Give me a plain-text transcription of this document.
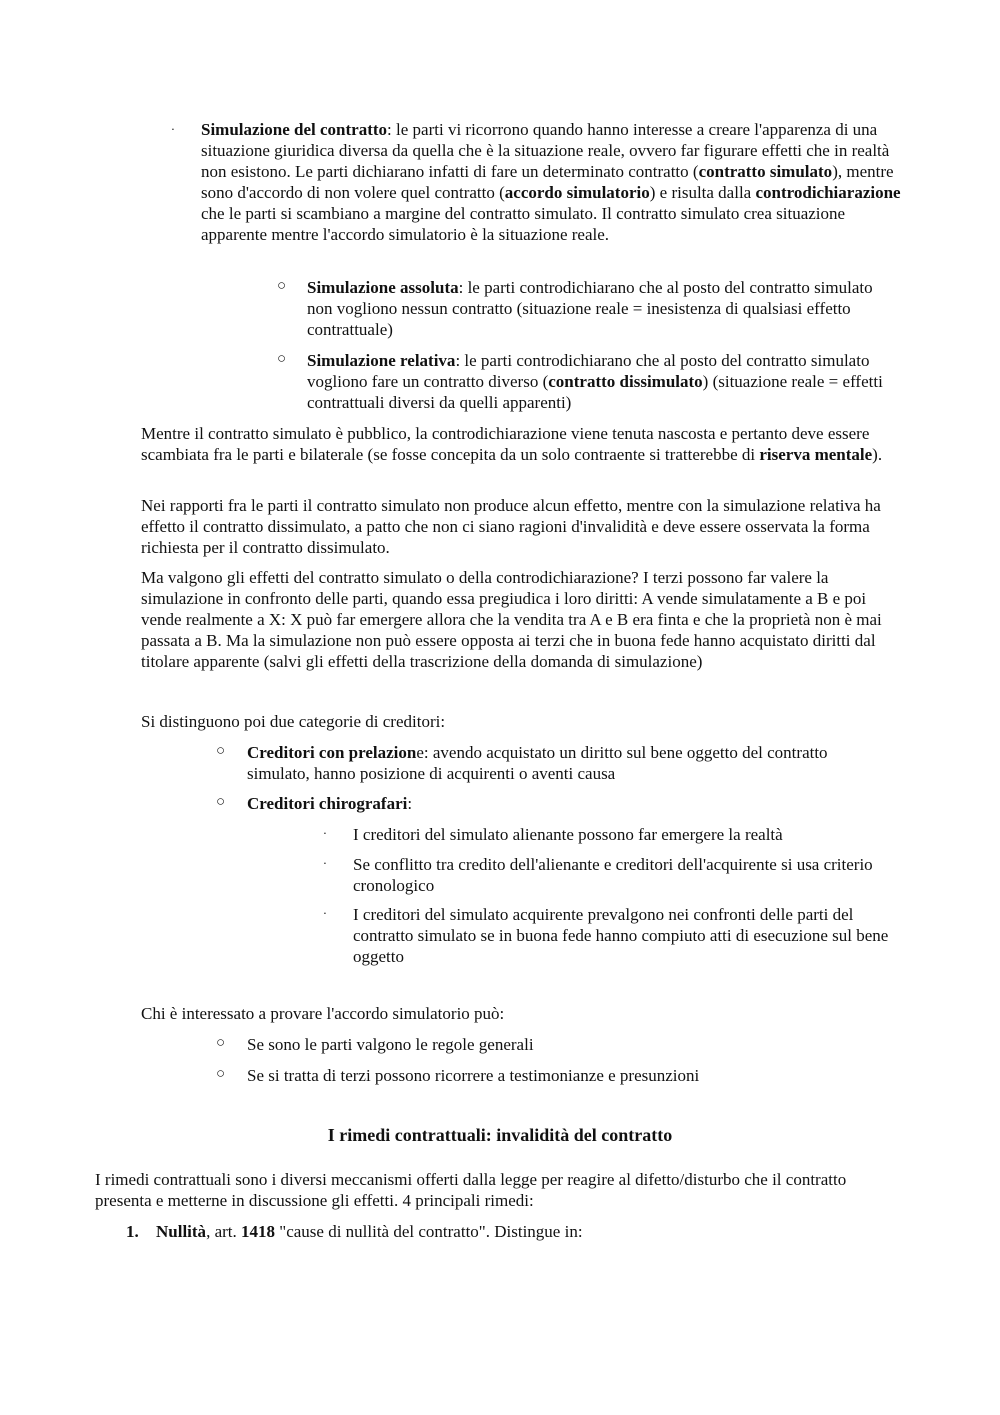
ᐧ Simulazione del contratto: le parti vi ricorrono quando hanno interesse a creare l'apparenza di una situazione giuridica diversa da quella che è la situazione reale, ovvero far figurare effetti che in realtà non esistono. Le parti dichiarano infatti di fare un determinato contratto (contratto simulato), mentre sono d'accordo di non volere quel contratto (accordo simulatorio) e risulta dalla controdichiarazione che le parti si scambiano a margine del contratto simulato. Il contratto simulato crea situazione apparente mentre l'accordo simulatorio è la situazione reale.

○ Simulazione assoluta: le parti controdichiarano che al posto del contratto simulato non vogliono nessun contratto (situazione reale = inesistenza di qualsiasi effetto contrattuale)

○ Simulazione relativa: le parti controdichiarano che al posto del contratto simulato vogliono fare un contratto diverso (contratto dissimulato) (situazione reale = effetti contrattuali diversi da quelli apparenti)

Mentre il contratto simulato è pubblico, la controdichiarazione viene tenuta nascosta e pertanto deve essere scambiata fra le parti e bilaterale (se fosse concepita da un solo contraente si tratterebbe di riserva mentale).

Nei rapporti fra le parti il contratto simulato non produce alcun effetto, mentre con la simulazione relativa ha effetto il contratto dissimulato, a patto che non ci siano ragioni d'invalidità e deve essere osservata la forma richiesta per il contratto dissimulato.

Ma valgono gli effetti del contratto simulato o della controdichiarazione? I terzi possono far valere la simulazione in confronto delle parti, quando essa pregiudica i loro diritti: A vende simulatamente a B e poi vende realmente a X: X può far emergere allora che la vendita tra A e B era finta e che la proprietà non è mai passata a B. Ma la simulazione non può essere opposta ai terzi che in buona fede hanno acquistato diritti dal titolare apparente (salvi gli effetti della trascrizione della domanda di simulazione)

Si distinguono poi due categorie di creditori:

○ Creditori con prelazione: avendo acquistato un diritto sul bene oggetto del contratto simulato, hanno posizione di acquirenti o aventi causa

○ Creditori chirografari:

ᐧ I creditori del simulato alienante possono far emergere la realtà

ᐧ Se conflitto tra credito dell'alienante e creditori dell'acquirente si usa criterio cronologico

ᐧ I creditori del simulato acquirente prevalgono nei confronti delle parti del contratto simulato se in buona fede hanno compiuto atti di esecuzione sul bene oggetto

Chi è interessato a provare l'accordo simulatorio può:

○ Se sono le parti valgono le regole generali

○ Se si tratta di terzi possono ricorrere a testimonianze e presunzioni

I rimedi contrattuali: invalidità del contratto

I rimedi contrattuali sono i diversi meccanismi offerti dalla legge per reagire al difetto/disturbo che il contratto presenta e metterne in discussione gli effetti. 4 principali rimedi:

1. Nullità, art. 1418 "cause di nullità del contratto". Distingue in:
